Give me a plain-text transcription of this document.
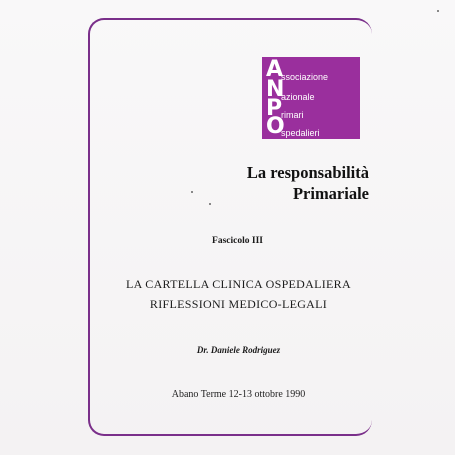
A
ssociazione
N
azionale
P
rimari
O
spedalieri
La responsabilità
Primariale
Fascicolo III
LA CARTELLA CLINICA OSPEDALIERA
RIFLESSIONI MEDICO-LEGALI
Dr. Daniele Rodriguez
Abano Terme 12-13 ottobre 1990
